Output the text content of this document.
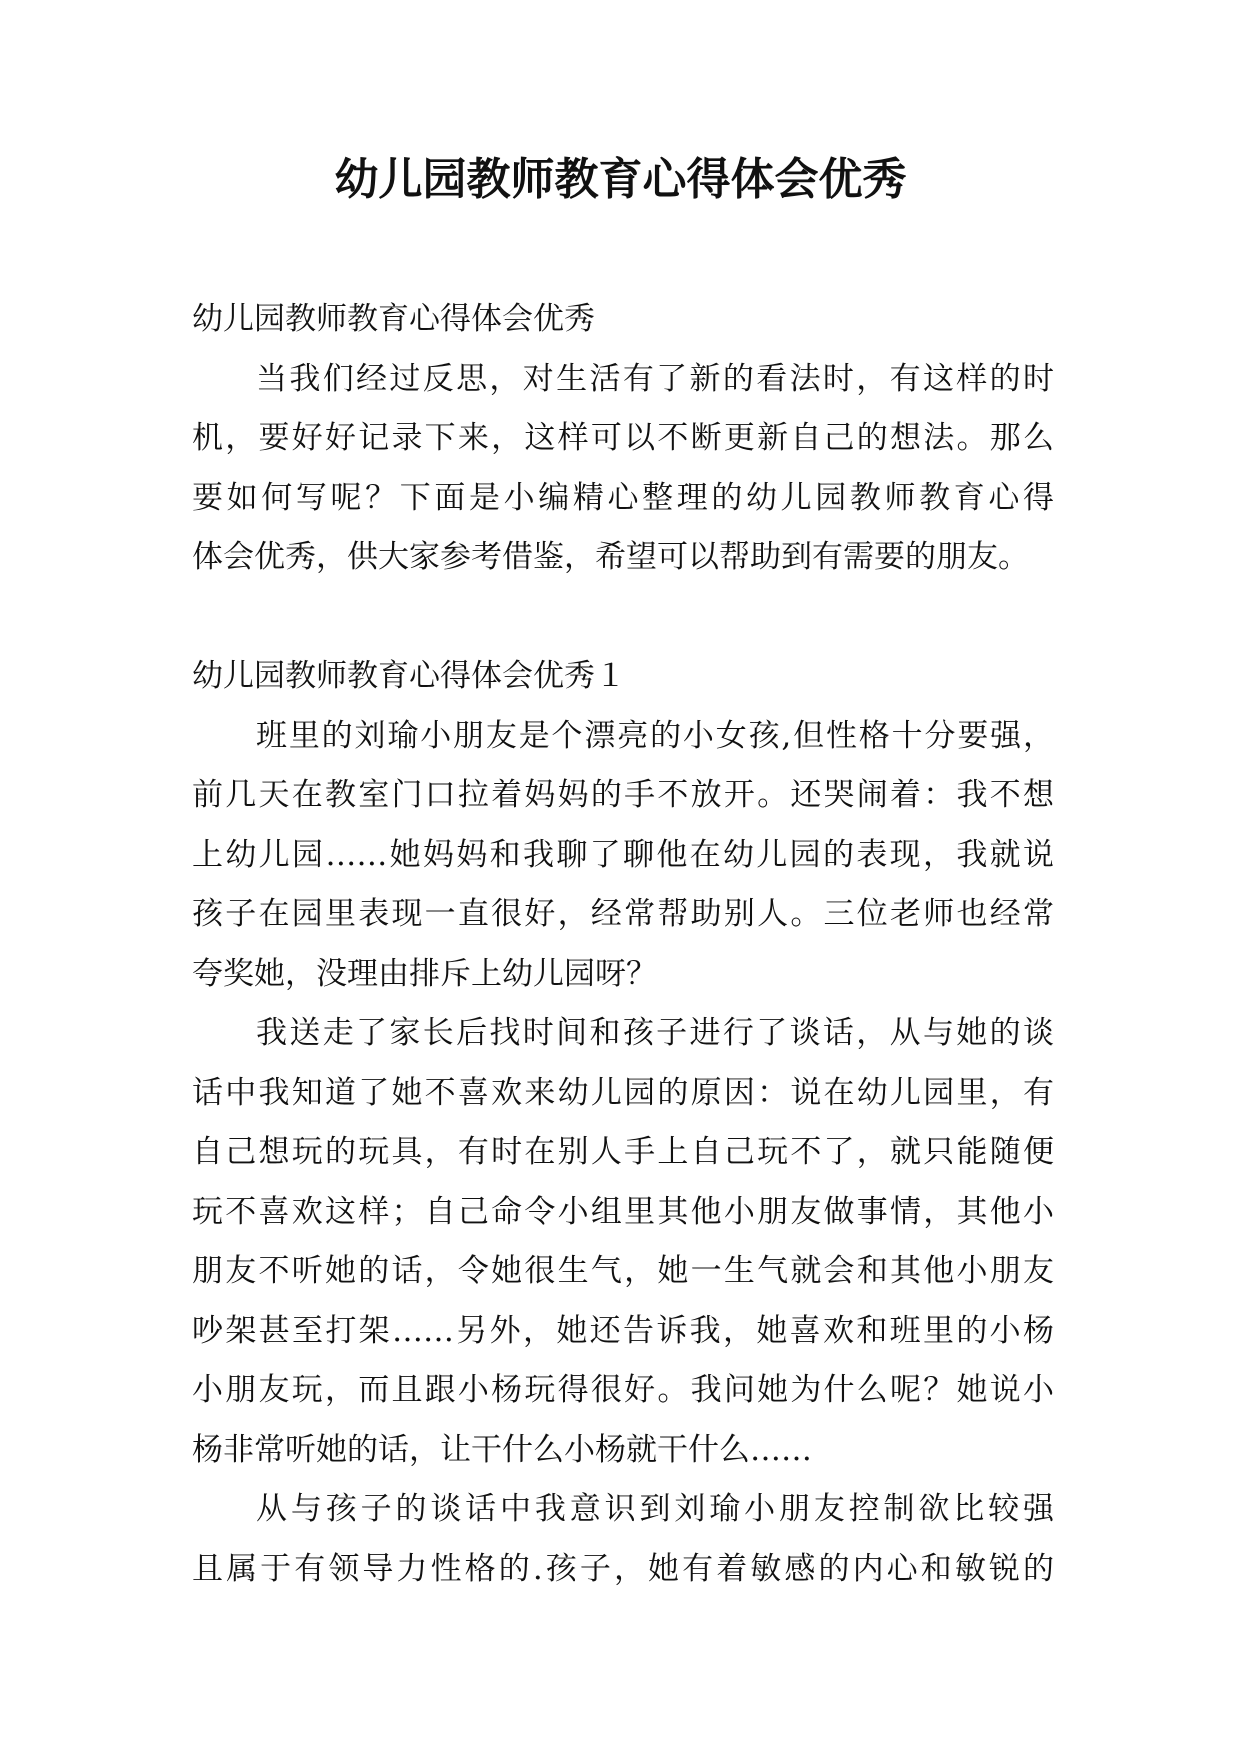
幼儿园教师教育心得体会优秀
幼儿园教师教育心得体会优秀
当我们经过反思，对生活有了新的看法时，有这样的时
机，要好好记录下来，这样可以不断更新自己的想法。那么
要如何写呢？下面是小编精心整理的幼儿园教师教育心得
体会优秀，供大家参考借鉴，希望可以帮助到有需要的朋友。
幼儿园教师教育心得体会优秀１
班里的刘瑜小朋友是个漂亮的小女孩,但性格十分要强，
前几天在教室门口拉着妈妈的手不放开。还哭闹着：我不想
上幼儿园……她妈妈和我聊了聊他在幼儿园的表现，我就说
孩子在园里表现一直很好，经常帮助别人。三位老师也经常
夸奖她，没理由排斥上幼儿园呀？
我送走了家长后找时间和孩子进行了谈话，从与她的谈
话中我知道了她不喜欢来幼儿园的原因：说在幼儿园里，有
自己想玩的玩具，有时在别人手上自己玩不了，就只能随便
玩不喜欢这样；自己命令小组里其他小朋友做事情，其他小
朋友不听她的话，令她很生气，她一生气就会和其他小朋友
吵架甚至打架……另外，她还告诉我，她喜欢和班里的小杨
小朋友玩，而且跟小杨玩得很好。我问她为什么呢？她说小
杨非常听她的话，让干什么小杨就干什么……
从与孩子的谈话中我意识到刘瑜小朋友控制欲比较强
且属于有领导力性格的.孩子，她有着敏感的内心和敏锐的
